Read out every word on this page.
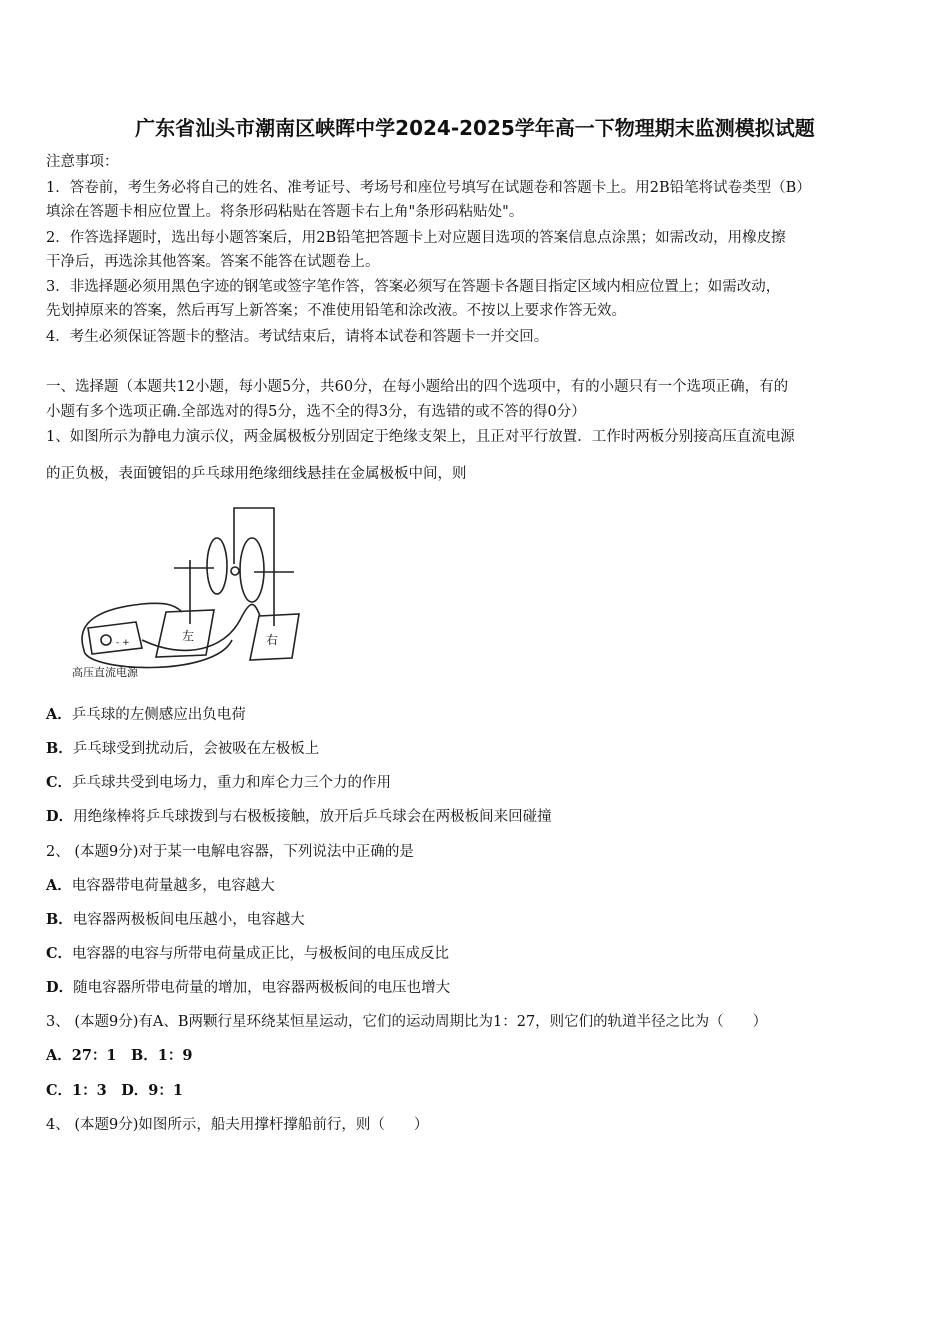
广东省汕头市潮南区峡晖中学2024-2025学年高一下物理期末监测模拟试题
注意事项：
1．答卷前，考生务必将自己的姓名、准考证号、考场号和座位号填写在试题卷和答题卡上。用2B铅笔将试卷类型（B）
填涂在答题卡相应位置上。将条形码粘贴在答题卡右上角"条形码粘贴处"。
2．作答选择题时，选出每小题答案后，用2B铅笔把答题卡上对应题目选项的答案信息点涂黑；如需改动，用橡皮擦
干净后，再选涂其他答案。答案不能答在试题卷上。
3．非选择题必须用黑色字迹的钢笔或签字笔作答，答案必须写在答题卡各题目指定区域内相应位置上；如需改动，
先划掉原来的答案，然后再写上新答案；不准使用铅笔和涂改液。不按以上要求作答无效。
4．考生必须保证答题卡的整洁。考试结束后，请将本试卷和答题卡一并交回。
一、选择题（本题共12小题，每小题5分，共60分，在每小题给出的四个选项中，有的小题只有一个选项正确，有的
小题有多个选项正确.全部选对的得5分，选不全的得3分，有选错的或不答的得0分）
1、如图所示为静电力演示仪，两金属极板分别固定于绝缘支架上，且正对平行放置．工作时两板分别接高压直流电源
的正负极，表面镀铝的乒乓球用绝缘细线悬挂在金属极板中间，则
- +	左	右
高压直流电源
A．乒乓球的左侧感应出负电荷
B．乒乓球受到扰动后，会被吸在左极板上
C．乒乓球共受到电场力，重力和库仑力三个力的作用
D．用绝缘棒将乒乓球拨到与右极板接触，放开后乒乓球会在两极板间来回碰撞
2、 (本题9分)对于某一电解电容器，下列说法中正确的是
A．电容器带电荷量越多，电容越大
B．电容器两极板间电压越小，电容越大
C．电容器的电容与所带电荷量成正比，与极板间的电压成反比
D．随电容器所带电荷量的增加，电容器两极板间的电压也增大
3、 (本题9分)有A、B两颗行星环绕某恒星运动，它们的运动周期比为1：27，则它们的轨道半径之比为（　　）
A．27：1　B．1：9
C．1：3　D．9：1
4、 (本题9分)如图所示，船夫用撑杆撑船前行，则（　　）
